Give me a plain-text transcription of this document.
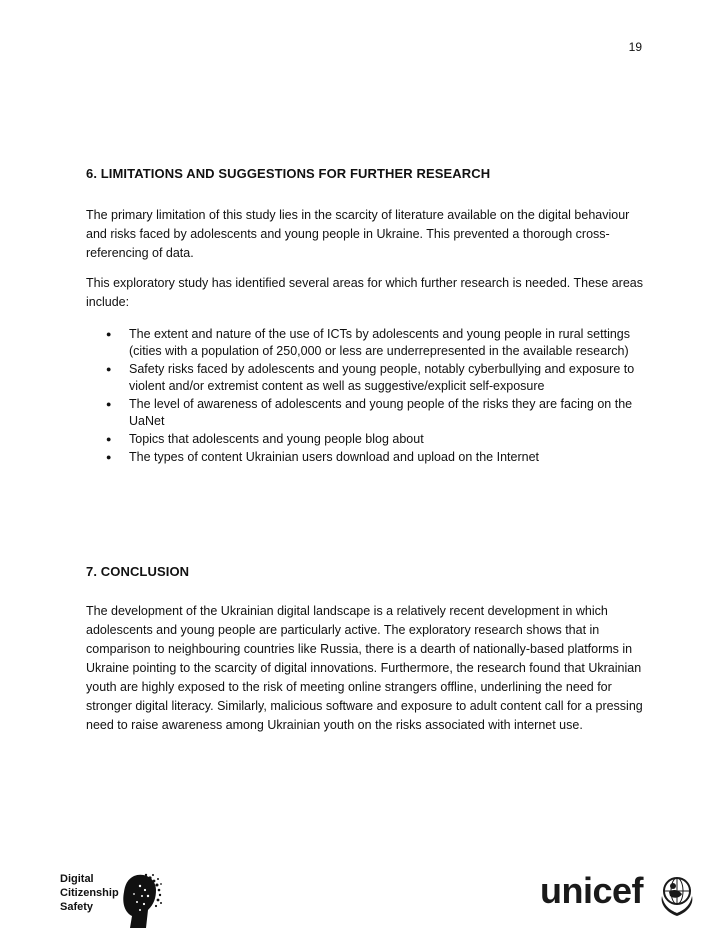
19
6. LIMITATIONS AND SUGGESTIONS FOR FURTHER RESEARCH

The primary limitation of this study lies in the scarcity of literature available on the digital behaviour and risks faced by adolescents and young people in Ukraine. This prevented a thorough cross-referencing of data.

This exploratory study has identified several areas for which further research is needed. These areas include:

● The extent and nature of the use of ICTs by adolescents and young people in rural settings (cities with a population of 250,000 or less are underrepresented in the available research)
● Safety risks faced by adolescents and young people, notably cyberbullying and exposure to violent and/or extremist content as well as suggestive/explicit self-exposure
● The level of awareness of adolescents and young people of the risks they are facing on the UaNet
● Topics that adolescents and young people blog about
● The types of content Ukrainian users download and upload on the Internet
7. CONCLUSION

The development of the Ukrainian digital landscape is a relatively recent development in which adolescents and young people are particularly active. The exploratory research shows that in comparison to neighbouring countries like Russia, there is a dearth of nationally-based platforms in Ukraine pointing to the scarcity of digital innovations. Furthermore, the research found that Ukrainian youth are highly exposed to the risk of meeting online strangers offline, underlining the need for stronger digital literacy. Similarly, malicious software and exposure to adult content call for a pressing need to raise awareness among Ukrainian youth on the risks associated with internet use.

Digital
Citizenship
Safety	unicef
